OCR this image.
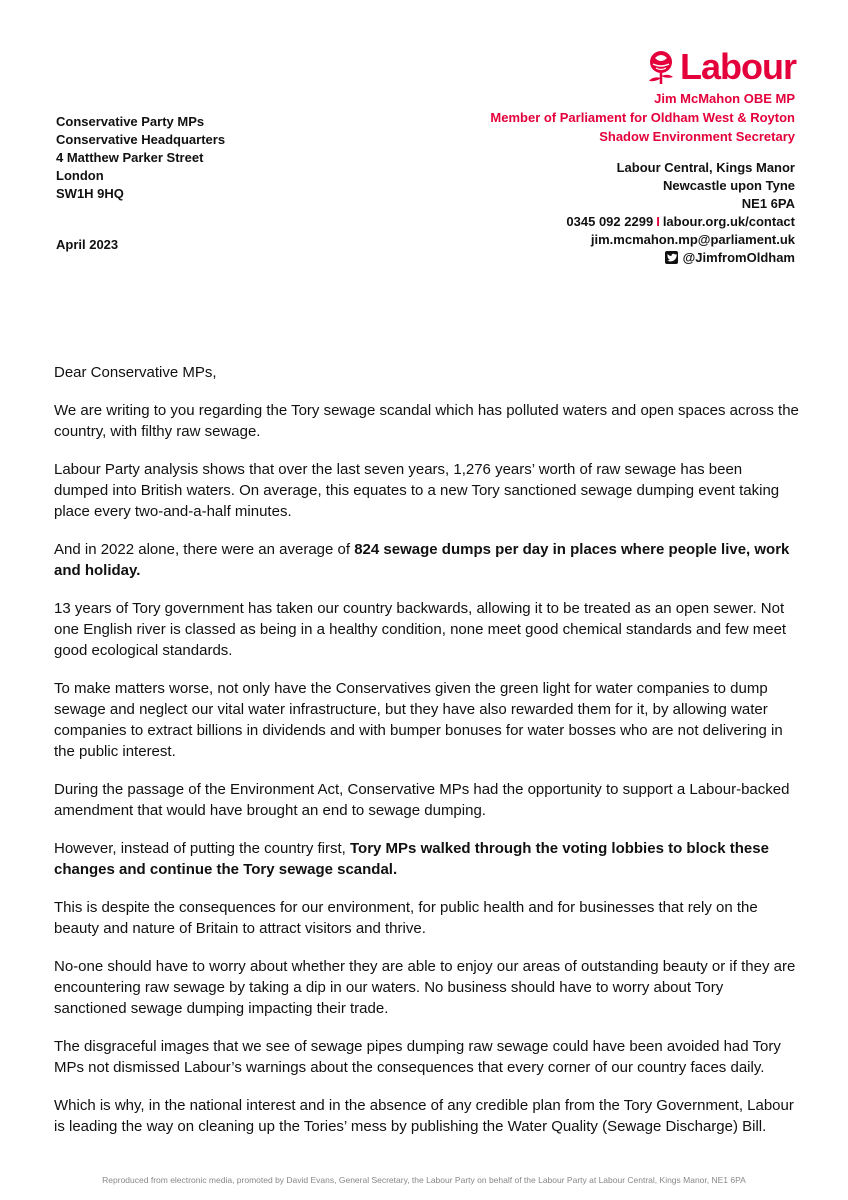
Labour
Jim McMahon OBE MP
Member of Parliament for Oldham West & Royton
Shadow Environment Secretary
Labour Central, Kings Manor
Newcastle upon Tyne
NE1 6PA
0345 092 2299 I labour.org.uk/contact
jim.mcmahon.mp@parliament.uk
@JimfromOldham
Conservative Party MPs
Conservative Headquarters
4 Matthew Parker Street
London
SW1H 9HQ
April 2023

Dear Conservative MPs,

We are writing to you regarding the Tory sewage scandal which has polluted waters and open spaces across the country, with filthy raw sewage.

Labour Party analysis shows that over the last seven years, 1,276 years’ worth of raw sewage has been dumped into British waters. On average, this equates to a new Tory sanctioned sewage dumping event taking place every two-and-a-half minutes.

And in 2022 alone, there were an average of 824 sewage dumps per day in places where people live, work and holiday.

13 years of Tory government has taken our country backwards, allowing it to be treated as an open sewer. Not one English river is classed as being in a healthy condition, none meet good chemical standards and few meet good ecological standards.

To make matters worse, not only have the Conservatives given the green light for water companies to dump sewage and neglect our vital water infrastructure, but they have also rewarded them for it, by allowing water companies to extract billions in dividends and with bumper bonuses for water bosses who are not delivering in the public interest.

During the passage of the Environment Act, Conservative MPs had the opportunity to support a Labour-backed amendment that would have brought an end to sewage dumping.

However, instead of putting the country first, Tory MPs walked through the voting lobbies to block these changes and continue the Tory sewage scandal.

This is despite the consequences for our environment, for public health and for businesses that rely on the beauty and nature of Britain to attract visitors and thrive.

No-one should have to worry about whether they are able to enjoy our areas of outstanding beauty or if they are encountering raw sewage by taking a dip in our waters. No business should have to worry about Tory sanctioned sewage dumping impacting their trade.

The disgraceful images that we see of sewage pipes dumping raw sewage could have been avoided had Tory MPs not dismissed Labour’s warnings about the consequences that every corner of our country faces daily.

Which is why, in the national interest and in the absence of any credible plan from the Tory Government, Labour is leading the way on cleaning up the Tories’ mess by publishing the Water Quality (Sewage Discharge) Bill.

Reproduced from electronic media, promoted by David Evans, General Secretary, the Labour Party on behalf of the Labour Party at Labour Central, Kings Manor, NE1 6PA
